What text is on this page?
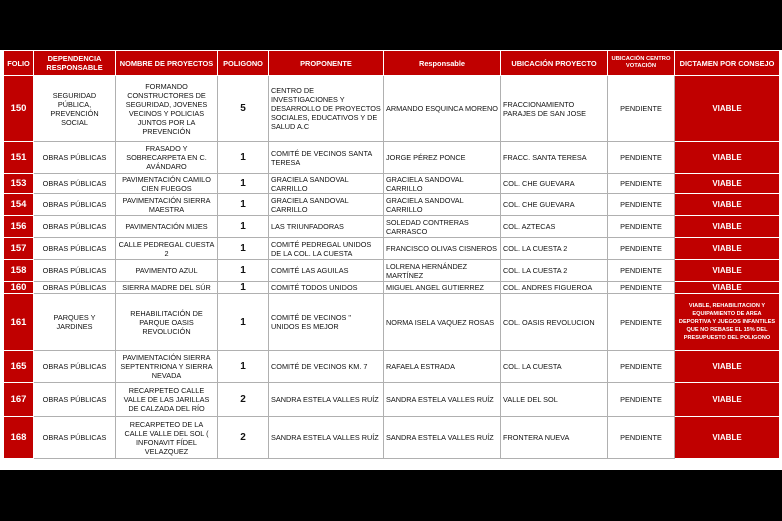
FOLIO	DEPENDENCIA RESPONSABLE	NOMBRE DE PROYECTOS	POLIGONO	PROPONENTE	Responsable	UBICACIÓN PROYECTO	UBICACIÓN CENTRO VOTACIÓN	DICTAMEN POR CONSEJO
150	SEGURIDAD PÚBLICA, PREVENCIÓN SOCIAL	FORMANDO CONSTRUCTORES DE SEGURIDAD, JOVENES VECINOS Y POLICIAS JUNTOS POR LA PREVENCIÓN	5	CENTRO DE INVESTIGACIONES Y DESARROLLO DE PROYECTOS SOCIALES, EDUCATIVOS Y DE SALUD A.C	ARMANDO ESQUINCA MORENO	FRACCIONAMIENTO PARAJES DE SAN JOSE	PENDIENTE	VIABLE
151	OBRAS PÚBLICAS	FRASADO Y SOBRECARPETA EN C. AVÁNDARO	1	COMITÉ DE VECINOS SANTA TERESA	JORGE PÉREZ PONCE	FRACC. SANTA TERESA	PENDIENTE	VIABLE
153	OBRAS PÚBLICAS	PAVIMENTACIÓN CAMILO CIEN FUEGOS	1	GRACIELA SANDOVAL CARRILLO	GRACIELA SANDOVAL CARRILLO	COL. CHE GUEVARA	PENDIENTE	VIABLE
154	OBRAS PÚBLICAS	PAVIMENTACIÓN SIERRA MAESTRA	1	GRACIELA SANDOVAL CARRILLO	GRACIELA SANDOVAL CARRILLO	COL. CHE GUEVARA	PENDIENTE	VIABLE
156	OBRAS PÚBLICAS	PAVIMENTACIÓN MIJES	1	LAS TRIUNFADORAS	SOLEDAD CONTRERAS CARRASCO	COL. AZTECAS	PENDIENTE	VIABLE
157	OBRAS PÚBLICAS	CALLE PEDREGAL CUESTA 2	1	COMITÉ PEDREGAL UNIDOS DE LA COL. LA CUESTA	FRANCISCO OLIVAS CISNEROS	COL. LA CUESTA 2	PENDIENTE	VIABLE
158	OBRAS PÚBLICAS	PAVIMENTO AZUL	1	COMITÉ LAS AGUILAS	LOLRENA HERNÁNDEZ MARTÍNEZ	COL. LA CUESTA 2	PENDIENTE	VIABLE
160	OBRAS PÚBLICAS	SIERRA MADRE DEL SÚR	1	COMITÉ TODOS UNIDOS	MIGUEL ANGEL GUTIERREZ	COL. ANDRES FIGUEROA	PENDIENTE	VIABLE
161	PARQUES Y JARDINES	REHABILITACIÓN DE PARQUE OASIS REVOLUCIÓN	1	COMITÉ DE VECINOS " UNIDOS ES MEJOR	NORMA ISELA VAQUEZ ROSAS	COL. OASIS REVOLUCION	PENDIENTE	VIABLE, REHABILITACION Y EQUIPAMIENTO DE AREA DEPORTIVA Y JUEGOS INFANTILES QUE NO REBASE EL 15% DEL PRESUPUESTO DEL POLIGONO
165	OBRAS PÚBLICAS	PAVIMENTACIÓN SIERRA SEPTENTRIONA Y SIERRA NEVADA	1	COMITÉ DE VECINOS KM. 7	RAFAELA ESTRADA	COL. LA CUESTA	PENDIENTE	VIABLE
167	OBRAS PÚBLICAS	RECARPETEO CALLE VALLE DE LAS JARILLAS DE CALZADA DEL RÍO	2	SANDRA ESTELA VALLES RUÍZ	SANDRA ESTELA VALLES RUÍZ	VALLE DEL SOL	PENDIENTE	VIABLE
168	OBRAS PÚBLICAS	RECARPETEO DE LA CALLE VALLE DEL SOL ( INFONAVIT FÍDEL VELAZQUEZ	2	SANDRA ESTELA VALLES RUÍZ	SANDRA ESTELA VALLES RUÍZ	FRONTERA NUEVA	PENDIENTE	VIABLE
